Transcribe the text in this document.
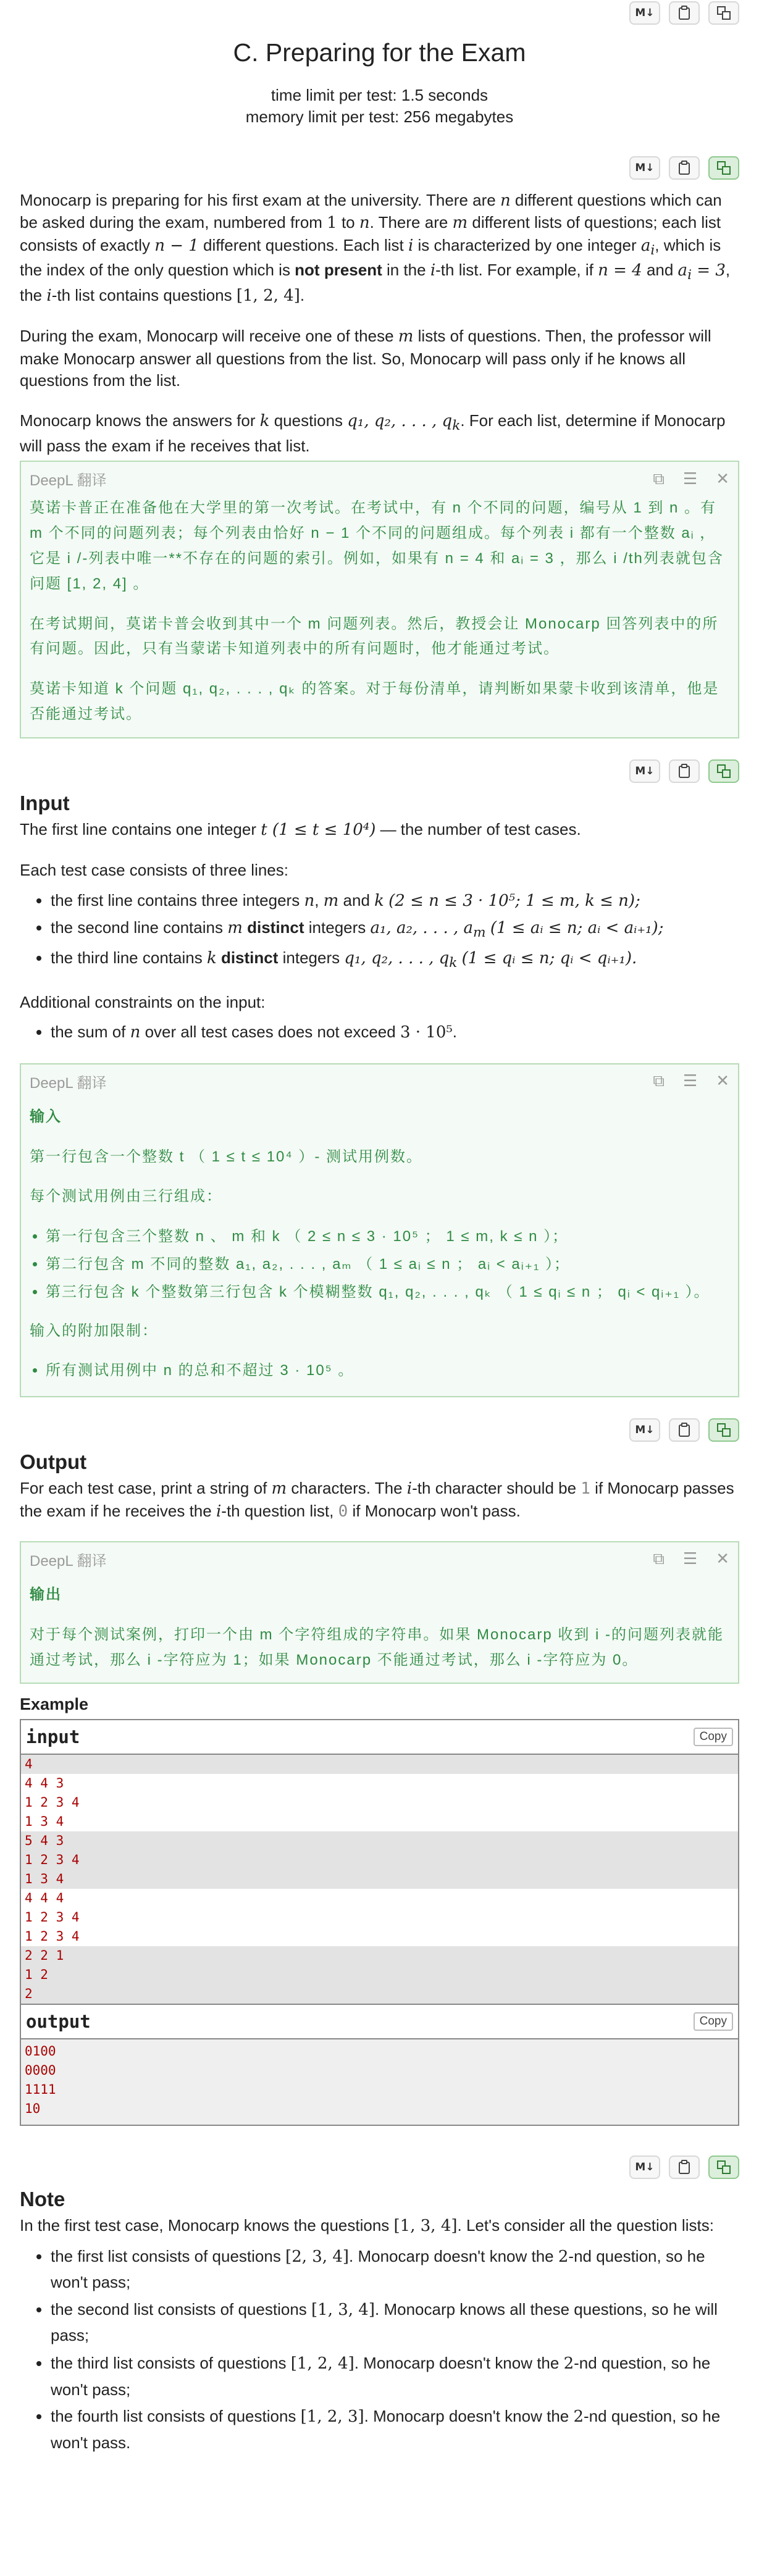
M↓
C. Preparing for the Exam
time limit per test: 1.5 seconds
memory limit per test: 256 megabytes
M↓

Monocarp is preparing for his first exam at the university. There are n different questions which can be asked during the exam, numbered from 1 to n. There are m different lists of questions; each list consists of exactly n − 1 different questions. Each list i is characterized by one integer $a_i$, which is the index of the only question which is not present in the i-th list. For example, if n = 4 and $a_i = 3$, the i-th list contains questions [1, 2, 4].

During the exam, Monocarp will receive one of these m lists of questions. Then, the professor will make Monocarp answer all questions from the list. So, Monocarp will pass only if he knows all questions from the list.

Monocarp knows the answers for k questions q₁, q₂, . . . , $q_k$. For each list, determine if Monocarp will pass the exam if he receives that list.

DeepL 翻译	⧉ ☰ ✕

莫诺卡普正在准备他在大学里的第一次考试。在考试中，有 n 个不同的问题，编号从 1 到 n 。有 m 个不同的问题列表；每个列表由恰好 n − 1 个不同的问题组成。每个列表 i 都有一个整数 aᵢ ，它是 i /-列表中唯一**不存在的问题的索引。例如，如果有 n = 4 和 aᵢ = 3 ，那么 i /th列表就包含问题 [1, 2, 4] 。

在考试期间，莫诺卡普会收到其中一个 m 问题列表。然后，教授会让 Monocarp 回答列表中的所有问题。因此，只有当蒙诺卡知道列表中的所有问题时，他才能通过考试。

莫诺卡知道 k 个问题 q₁, q₂, . . . , qₖ 的答案。对于每份清单，请判断如果蒙卡收到该清单，他是否能通过考试。

M↓
Input

The first line contains one integer t (1 ≤ t ≤ 10⁴) — the number of test cases.

Each test case consists of three lines:

• the first line contains three integers n, m and k (2 ≤ n ≤ 3 · 10⁵; 1 ≤ m, k ≤ n);
• the second line contains m distinct integers a₁, a₂, . . . , $a_m$ (1 ≤ aᵢ ≤ n; aᵢ < aᵢ₊₁);
• the third line contains k distinct integers q₁, q₂, . . . , $q_k$ (1 ≤ qᵢ ≤ n; qᵢ < qᵢ₊₁).

Additional constraints on the input:

• the sum of n over all test cases does not exceed 3 · 10⁵.
DeepL 翻译	⧉ ☰ ✕
输入

第一行包含一个整数 t （ 1 ≤ t ≤ 10⁴ ）- 测试用例数。

每个测试用例由三行组成：

• 第一行包含三个整数 n 、 m 和 k （ 2 ≤ n ≤ 3 · 10⁵ ； 1 ≤ m, k ≤ n ）；
• 第二行包含 m 不同的整数 a₁, a₂, . . . , aₘ （ 1 ≤ aᵢ ≤ n ； aᵢ < aᵢ₊₁ ）；
• 第三行包含 k 个整数第三行包含 k 个模糊整数 q₁, q₂, . . . , qₖ （ 1 ≤ qᵢ ≤ n ； qᵢ < qᵢ₊₁ ）。

输入的附加限制：

• 所有测试用例中 n 的总和不超过 3 · 10⁵ 。
M↓
Output

For each test case, print a string of m characters. The i-th character should be 1 if Monocarp passes the exam if he receives the i-th question list, 0 if Monocarp won't pass.

DeepL 翻译	⧉ ☰ ✕
输出

对于每个测试案例，打印一个由 m 个字符组成的字符串。如果 Monocarp 收到 i -的问题列表就能通过考试，那么 i -字符应为 1；如果 Monocarp 不能通过考试，那么 i -字符应为 0。

Example
input	Copy
4
4 4 3
1 2 3 4
1 3 4
5 4 3
1 2 3 4
1 3 4
4 4 4
1 2 3 4
1 2 3 4
2 2 1
1 2
2
output	Copy
0100
0000
1111
10
M↓
Note

In the first test case, Monocarp knows the questions [1, 3, 4]. Let's consider all the question lists:

• the first list consists of questions [2, 3, 4]. Monocarp doesn't know the 2-nd question, so he won't pass;
• the second list consists of questions [1, 3, 4]. Monocarp knows all these questions, so he will pass;
• the third list consists of questions [1, 2, 4]. Monocarp doesn't know the 2-nd question, so he won't pass;
• the fourth list consists of questions [1, 2, 3]. Monocarp doesn't know the 2-nd question, so he won't pass.
